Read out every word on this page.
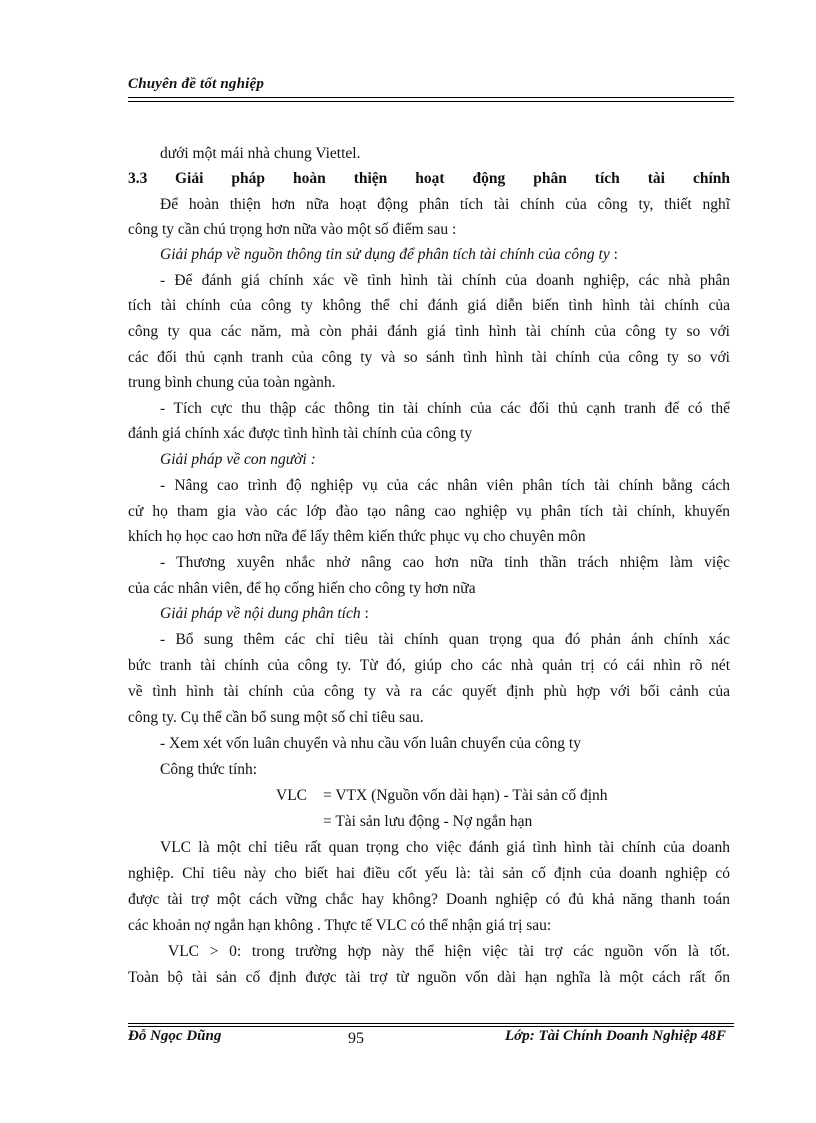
Chuyên đề tốt nghiệp
dưới một mái nhà chung Viettel.
3.3	Giải pháp hoàn thiện hoạt động phân tích tài chính
Để hoàn thiện hơn nữa hoạt động phân tích tài chính của công ty, thiết nghĩ
công ty cần chú trọng hơn nữa vào một số điểm sau :
Giải pháp về nguồn thông tin sử dụng để phân tích tài chính của công ty :
- Để đánh giá chính xác về tình hình tài chính của doanh nghiệp, các nhà phân
tích tài chính của công ty không thể chỉ đánh giá diễn biến tình hình tài chính của
công ty qua các năm, mà còn phải đánh giá tình hình tài chính của công ty so với
các đối thủ cạnh tranh của công ty và so sánh tình hình tài chính của công ty so với
trung bình chung của toàn ngành.
- Tích cực thu thập các thông tin tài chính của các đối thủ cạnh tranh để có thể
đánh giá chính xác được tình hình tài chính của công ty
Giải pháp về con người :
- Nâng cao trình độ nghiệp vụ của các nhân viên phân tích tài chính bằng cách
cử họ tham gia vào các lớp đào tạo nâng cao nghiệp vụ phân tích tài chính, khuyến
khích họ học cao hơn nữa để lấy thêm kiến thức phục vụ cho chuyên môn
- Thương xuyên nhắc nhở nâng cao hơn nữa tinh thần trách nhiệm làm việc
của các nhân viên, để họ cống hiến cho công ty hơn nữa
Giải pháp về nội dung phân tích :
- Bổ sung thêm các chỉ tiêu tài chính quan trọng qua đó phản ánh chính xác
bức tranh tài chính của công ty. Từ đó, giúp cho các nhà quản trị có cái nhìn rõ nét
về tình hình tài chính của công ty và ra các quyết định phù hợp với bối cảnh của
công ty. Cụ thể cần bổ sung một số chỉ tiêu sau.
- Xem xét vốn luân chuyển và nhu cầu vốn luân chuyển của công ty
Công thức tính:
VLC = VTX (Nguồn vốn dài hạn) - Tài sản cố định
= Tài sản lưu động - Nợ ngắn hạn
VLC là một chỉ tiêu rất quan trọng cho việc đánh giá tình hình tài chính của doanh
nghiệp. Chỉ tiêu này cho biết hai điều cốt yếu là: tài sản cố định của doanh nghiệp có
được tài trợ một cách vững chắc hay không? Doanh nghiệp có đủ khả năng thanh toán
các khoản nợ ngắn hạn không . Thực tế VLC có thể nhận giá trị sau:
VLC > 0: trong trường hợp này thể hiện việc tài trợ các nguồn vốn là tốt.
Toàn bộ tài sản cố định được tài trợ từ nguồn vốn dài hạn nghĩa là một cách rất ổn
Đỗ Ngọc Dũng	95	Lớp: Tài Chính Doanh Nghiệp 48F
